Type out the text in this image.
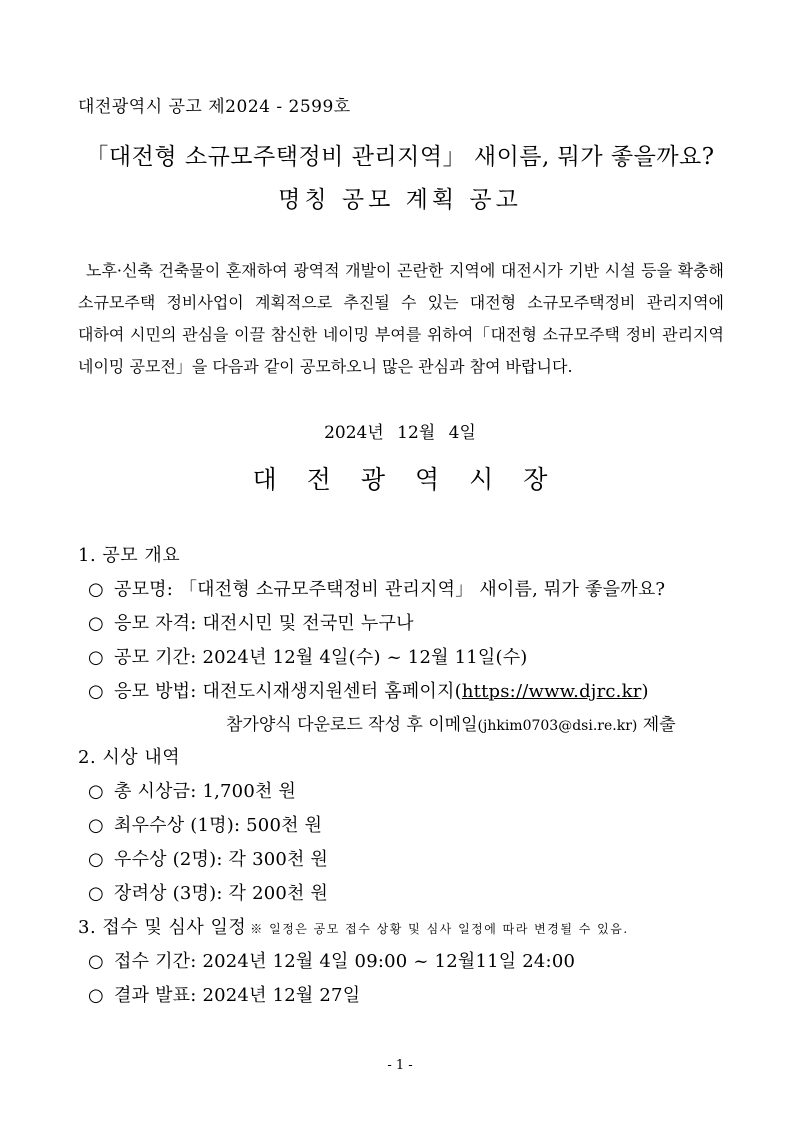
대전광역시 공고 제2024 - 2599호
「대전형 소규모주택정비 관리지역」 새이름, 뭐가 좋을까요?
명칭 공모 계획 공고
노후·신축 건축물이 혼재하여 광역적 개발이 곤란한 지역에 대전시가 기반 시설 등을 확충해 소규모주택 정비사업이 계획적으로 추진될 수 있는 대전형 소규모주택정비 관리지역에 대하여 시민의 관심을 이끌 참신한 네이밍 부여를 위하여「대전형 소규모주택 정비 관리지역 네이밍 공모전」을 다음과 같이 공모하오니 많은 관심과 참여 바랍니다.
2024년 12월 4일
대전광역시장
1. 공모 개요
○ 공모명: 「대전형 소규모주택정비 관리지역」 새이름, 뭐가 좋을까요?
○ 응모 자격: 대전시민 및 전국민 누구나
○ 공모 기간: 2024년 12월 4일(수) ~ 12월 11일(수)
○ 응모 방법: 대전도시재생지원센터 홈페이지(https://www.djrc.kr)
참가양식 다운로드 작성 후 이메일(jhkim0703@dsi.re.kr) 제출
2. 시상 내역
○ 총 시상금: 1,700천 원
○ 최우수상 (1명): 500천 원
○ 우수상 (2명): 각 300천 원
○ 장려상 (3명): 각 200천 원
3. 접수 및 심사 일정 ※ 일정은 공모 접수 상황 및 심사 일정에 따라 변경될 수 있음.
○ 접수 기간: 2024년 12월 4일 09:00 ~ 12월11일 24:00
○ 결과 발표: 2024년 12월 27일
- 1 -
